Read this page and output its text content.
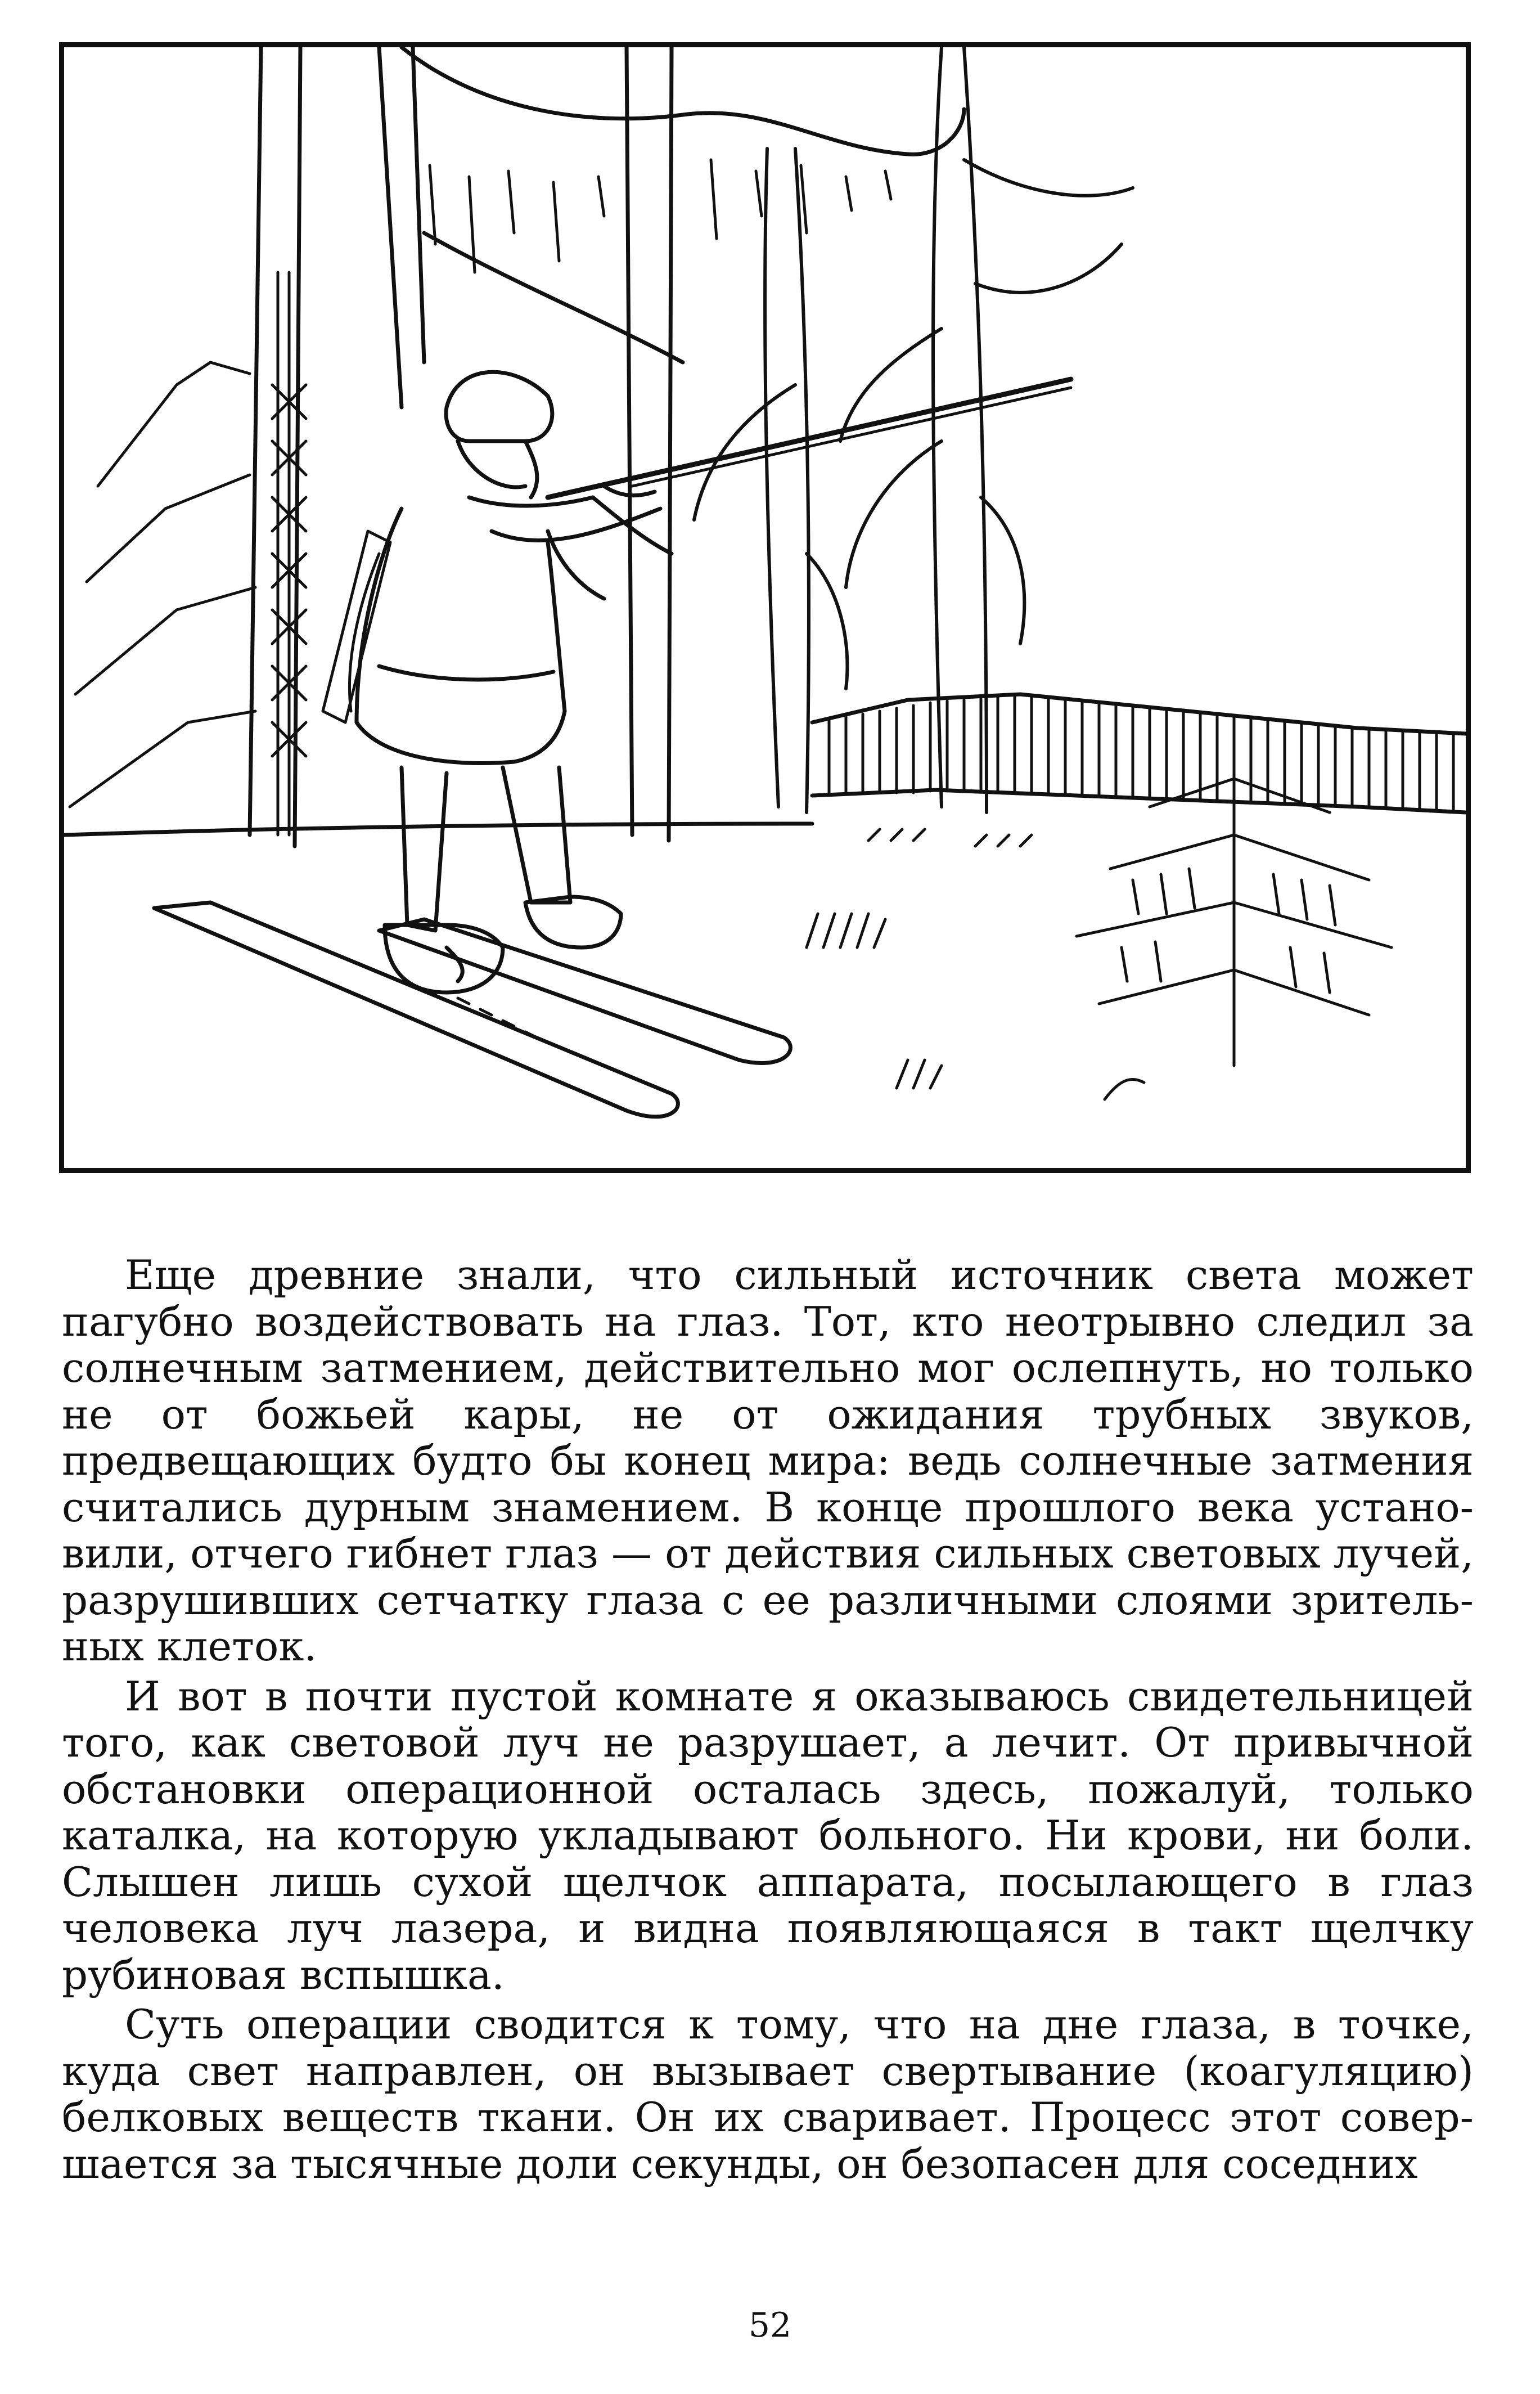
Еще древние знали, что сильный источник света может пагубно воздействовать на глаз. Тот, кто неотрывно следил за солнечным затмением, действительно мог ослепнуть, но только не от божьей кары, не от ожидания трубных звуков, предвещающих будто бы конец мира: ведь солнечные затмения считались дурным знамением. В конце прошлого века установили, отчего гибнет глаз — от действия сильных световых лучей, разрушивших сетчатку глаза с ее различными слоями зрительных клеток.

И вот в почти пустой комнате я оказываюсь свидетельницей того, как световой луч не разрушает, а лечит. От привычной обстановки операционной осталась здесь, пожалуй, только каталка, на которую укладывают больного. Ни крови, ни боли. Слышен лишь сухой щелчок аппарата, посылающего в глаз человека луч лазера, и видна появляющаяся в такт щелчку рубиновая вспышка.

Суть операции сводится к тому, что на дне глаза, в точке, куда свет направлен, он вызывает свертывание (коагуляцию) белковых веществ ткани. Он их сваривает. Процесс этот совершается за тысячные доли секунды, он безопасен для соседних

52
